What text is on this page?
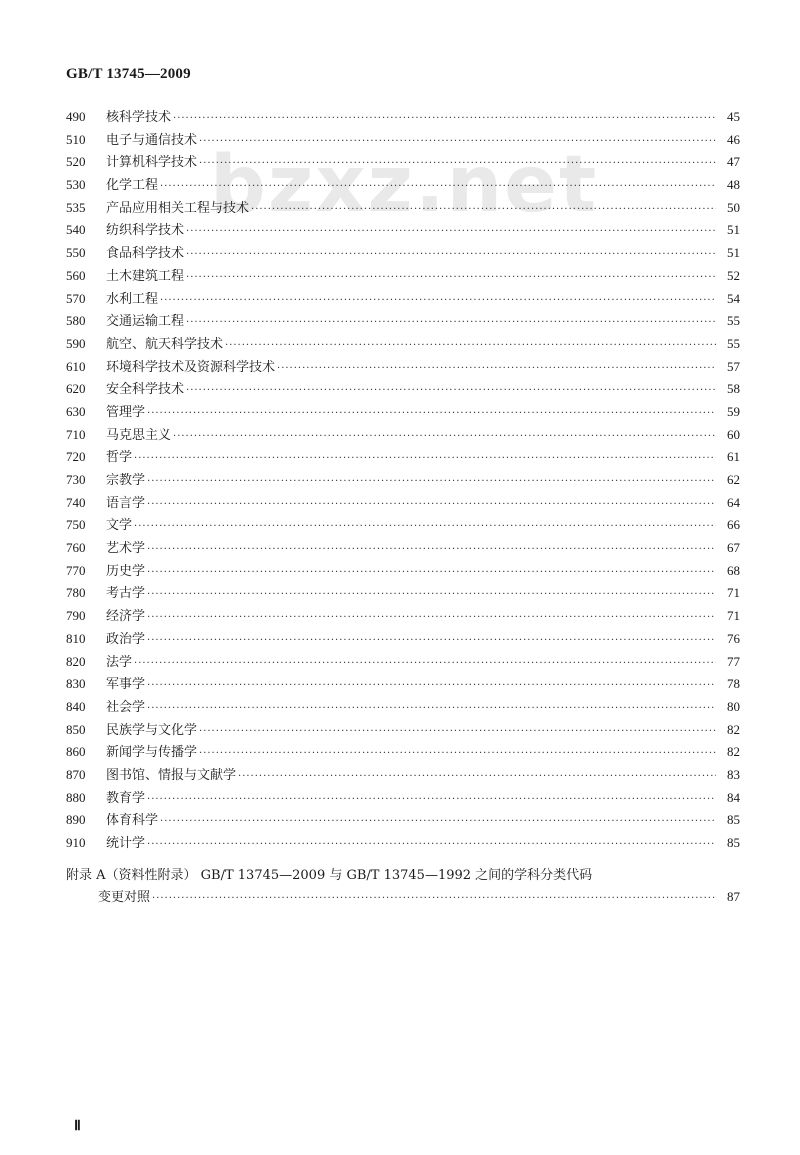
GB/T 13745—2009
bzxz.net
490	核科学技术 ·····	45
510	电子与通信技术 ·····	46
520	计算机科学技术 ·····	47
530	化学工程 ·····	48
535	产品应用相关工程与技术 ·····	50
540	纺织科学技术 ·····	51
550	食品科学技术 ·····	51
560	土木建筑工程 ·····	52
570	水利工程 ·····	54
580	交通运输工程 ·····	55
590	航空、航天科学技术 ·····	55
610	环境科学技术及资源科学技术 ·····	57
620	安全科学技术 ·····	58
630	管理学 ·····	59
710	马克思主义 ·····	60
720	哲学 ·····	61
730	宗教学 ·····	62
740	语言学 ·····	64
750	文学 ·····	66
760	艺术学 ·····	67
770	历史学 ·····	68
780	考古学 ·····	71
790	经济学 ·····	71
810	政治学 ·····	76
820	法学 ·····	77
830	军事学 ·····	78
840	社会学 ·····	80
850	民族学与文化学 ·····	82
860	新闻学与传播学 ·····	82
870	图书馆、情报与文献学 ·····	83
880	教育学 ·····	84
890	体育科学 ·····	85
910	统计学 ·····	85
附录 A（资料性附录） GB/T 13745—2009 与 GB/T 13745—1992 之间的学科分类代码
变更对照 ·····	87
Ⅱ
